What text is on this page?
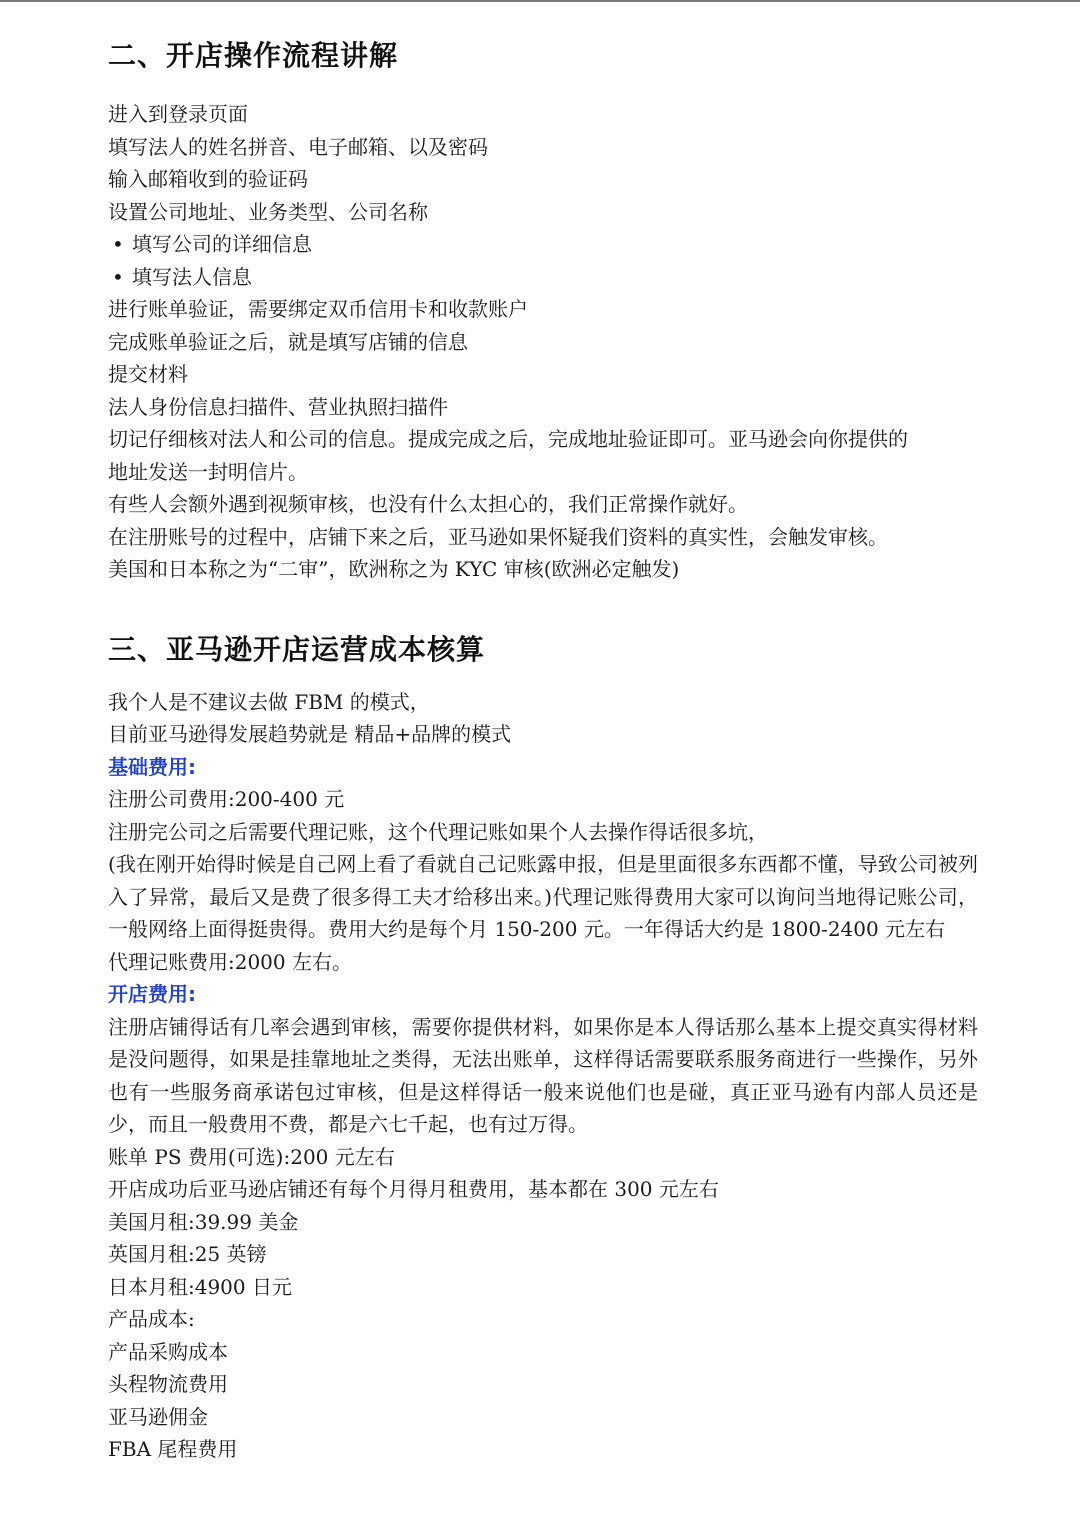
二、开店操作流程讲解
进入到登录页面
填写法人的姓名拼音、电子邮箱、以及密码
输入邮箱收到的验证码
设置公司地址、业务类型、公司名称
• 填写公司的详细信息
• 填写法人信息
进行账单验证，需要绑定双币信用卡和收款账户
完成账单验证之后，就是填写店铺的信息
提交材料
法人身份信息扫描件、营业执照扫描件
切记仔细核对法人和公司的信息。提成完成之后，完成地址验证即可。亚马逊会向你提供的地址发送一封明信片。
有些人会额外遇到视频审核，也没有什么太担心的，我们正常操作就好。
在注册账号的过程中，店铺下来之后，亚马逊如果怀疑我们资料的真实性，会触发审核。
美国和日本称之为“二审”，欧洲称之为 KYC 审核(欧洲必定触发)
三、亚马逊开店运营成本核算
我个人是不建议去做 FBM 的模式，
目前亚马逊得发展趋势就是 精品+品牌的模式
基础费用:
注册公司费用:200-400 元
注册完公司之后需要代理记账，这个代理记账如果个人去操作得话很多坑，
(我在刚开始得时候是自己网上看了看就自己记账露申报，但是里面很多东西都不懂，导致公司被列入了异常，最后又是费了很多得工夫才给移出来。)代理记账得费用大家可以询问当地得记账公司，一般网络上面得挺贵得。费用大约是每个月 150-200 元。一年得话大约是 1800-2400 元左右
代理记账费用:2000 左右。
开店费用:
注册店铺得话有几率会遇到审核，需要你提供材料，如果你是本人得话那么基本上提交真实得材料是没问题得，如果是挂靠地址之类得，无法出账单，这样得话需要联系服务商进行一些操作，另外也有一些服务商承诺包过审核，但是这样得话一般来说他们也是碰，真正亚马逊有内部人员还是少，而且一般费用不费，都是六七千起，也有过万得。
账单 PS 费用(可选):200 元左右
开店成功后亚马逊店铺还有每个月得月租费用，基本都在 300 元左右
美国月租:39.99 美金
英国月租:25 英镑
日本月租:4900 日元
产品成本:
产品采购成本
头程物流费用
亚马逊佣金
FBA 尾程费用
